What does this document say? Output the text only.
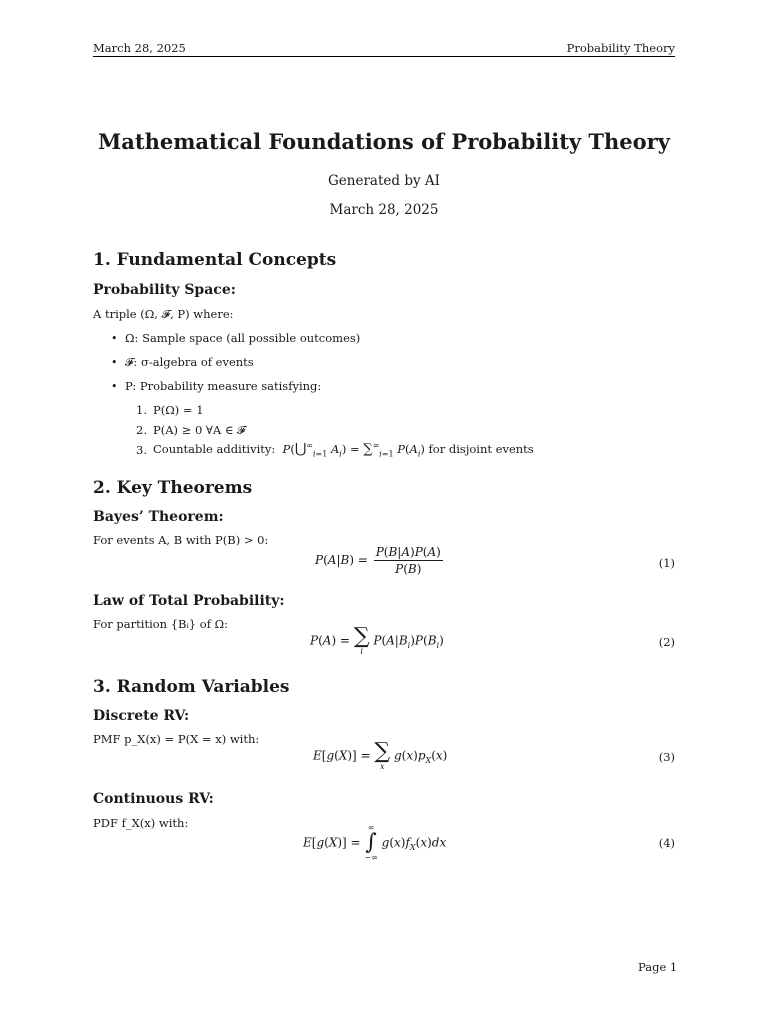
March 28, 2025	Probability Theory
Mathematical Foundations of Probability Theory
Generated by AI
March 28, 2025
1. Fundamental Concepts
Probability Space:
A triple (Ω, 𝓕, P) where:
• Ω: Sample space (all possible outcomes)
• 𝓕: σ-algebra of events
• P: Probability measure satisfying:
1. P(Ω) = 1
2. P(A) ≥ 0 ∀A ∈ 𝓕
3. Countable additivity:  $P(⋃^\infty_{i=1}$ $A_i) = \sum^\infty_{i=1}$ $P(A_i)$ for disjoint events
2. Key Theorems
Bayes’ Theorem:
For events A, B with P(B) > 0:
$P(A|B) = \frac{P(B|A)P(A)}{P(B)}$	(1)
Law of Total Probability:
For partition {Bᵢ} of Ω:
P(A) = ∑
i
$P(A|B_i)P(B_i)$	(2)
3. Random Variables
Discrete RV:
PMF p_X(x) = P(X = x) with:
E[g(X)] = ∑
x
$g(x)p_X(x)$	(3)
Continuous RV:
PDF f_X(x) with:
E[g(X)] =
∞
∫
−∞
$g(x)f_X(x)dx$	(4)
Page 1
